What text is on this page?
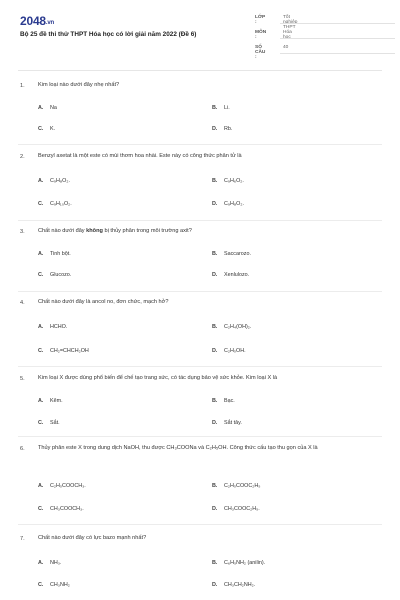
2048.vn
Bộ 25 đề thi thử THPT Hóa học có lời giải năm 2022 (Đề 6)
LỚP :
Tốt nghiệp THPT
MÔN :
Hóa học
SỐ CÂU :
40
1. Kim loại nào dưới đây nhẹ nhất?
A. Na	B. Li.
C. K.	D. Rb.
2. Benzyl axetat là một este có mùi thơm hoa nhài. Este này có công thức phân tử là
A. C₉H₈O₂.	B. C₉H₆O₂.
C. C₉H₁₀O₂.	D. C₉H₈O₂.
3. Chất nào dưới đây không bị thủy phân trong môi trường axit?
A. Tinh bột.	B. Saccarozo.
C. Glucozo.	D. Xenlulozo.
4. Chất nào dưới đây là ancol no, đơn chức, mạch hở?
A. HCHO.	B. C₂H₄(OH)₂.
C. CH₂=CHCH₂OH	D. C₂H₅OH.
5. Kim loại X được dùng phổ biến để chế tạo trang sức, có tác dụng bảo vệ sức khỏe. Kim loại X là
A. Kẽm.	B. Bạc.
C. Sắt.	D. Sắt tây.
6. Thủy phân este X trong dung dịch NaOH, thu được CH₃COONa và C₂H₅OH. Công thức cấu tạo thu gọn của X là
A. C₂H₅COOCH₃.	B. C₂H₅COOC₂H₅
C. CH₃COOCH₃.	D. CH₃COOC₂H₅.
7. Chất nào dưới đây có lực bazo mạnh nhất?
A. NH₃.	B. C₆H₅NH₂ (anilin).
C. CH₃NH₂	D. CH₃CH₂NH₂.
